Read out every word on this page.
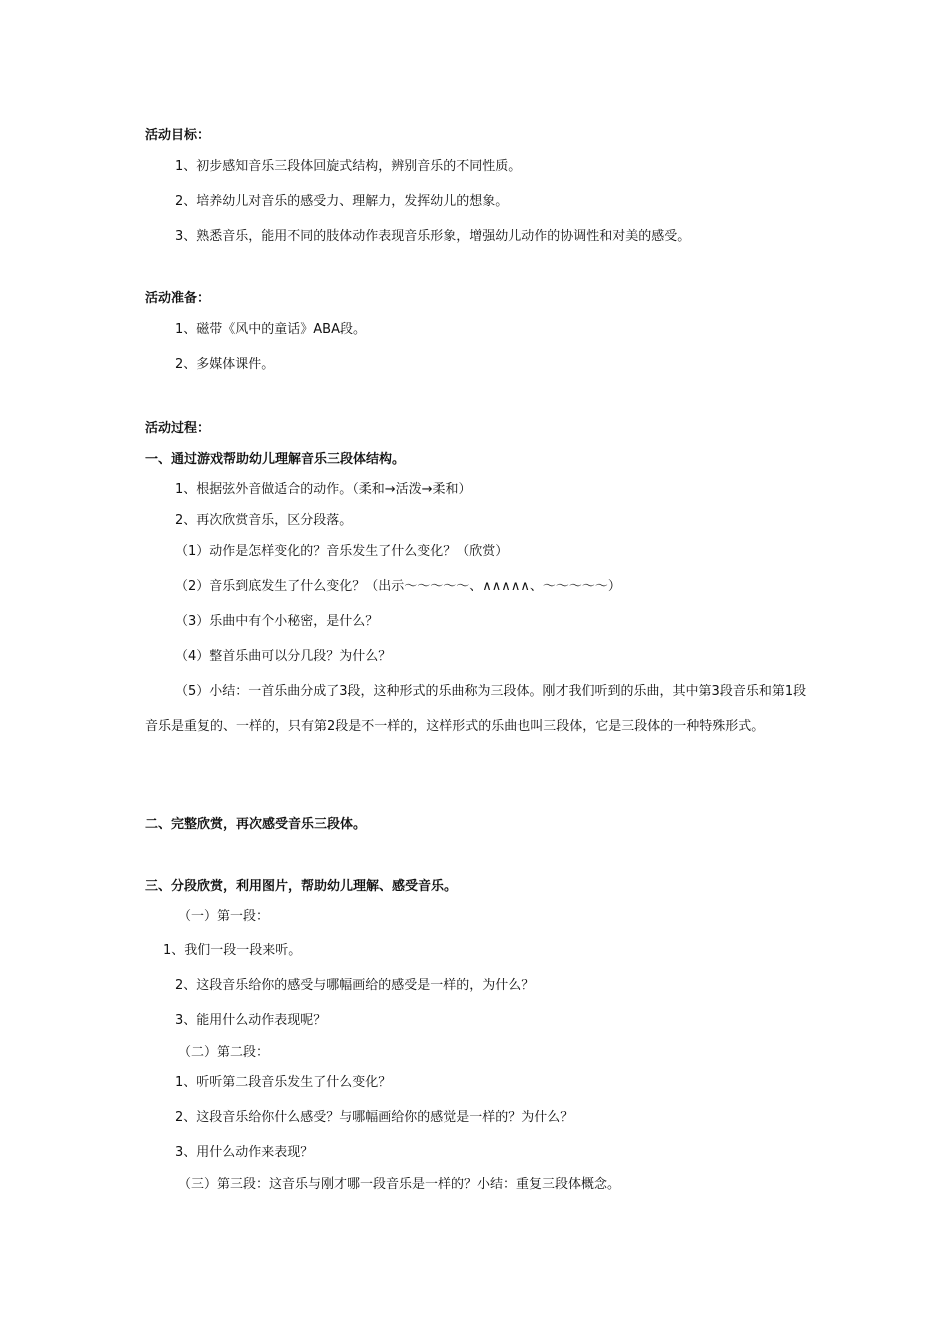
活动目标：
1、初步感知音乐三段体回旋式结构，辨别音乐的不同性质。
2、培养幼儿对音乐的感受力、理解力，发挥幼儿的想象。
3、熟悉音乐，能用不同的肢体动作表现音乐形象，增强幼儿动作的协调性和对美的感受。
活动准备：
1、磁带《风中的童话》ABA段。
2、多媒体课件。
活动过程：
一、通过游戏帮助幼儿理解音乐三段体结构。
1、根据弦外音做适合的动作。（柔和→活泼→柔和）
2、再次欣赏音乐，区分段落。
（1）动作是怎样变化的？音乐发生了什么变化？（欣赏）
（2）音乐到底发生了什么变化？（出示～～～～～、∧∧∧∧∧、～～～～～）
（3）乐曲中有个小秘密，是什么？
（4）整首乐曲可以分几段？为什么？
（5）小结：一首乐曲分成了3段，这种形式的乐曲称为三段体。刚才我们听到的乐曲，其中第3段音乐和第1段音乐是重复的、一样的，只有第2段是不一样的，这样形式的乐曲也叫三段体，它是三段体的一种特殊形式。
二、完整欣赏，再次感受音乐三段体。
三、分段欣赏，利用图片，帮助幼儿理解、感受音乐。
（一）第一段：
1、我们一段一段来听。
2、这段音乐给你的感受与哪幅画给的感受是一样的，为什么？
3、能用什么动作表现呢？
（二）第二段：
1、听听第二段音乐发生了什么变化？
2、这段音乐给你什么感受？与哪幅画给你的感觉是一样的？为什么？
3、用什么动作来表现？
（三）第三段：这音乐与刚才哪一段音乐是一样的？小结：重复三段体概念。
